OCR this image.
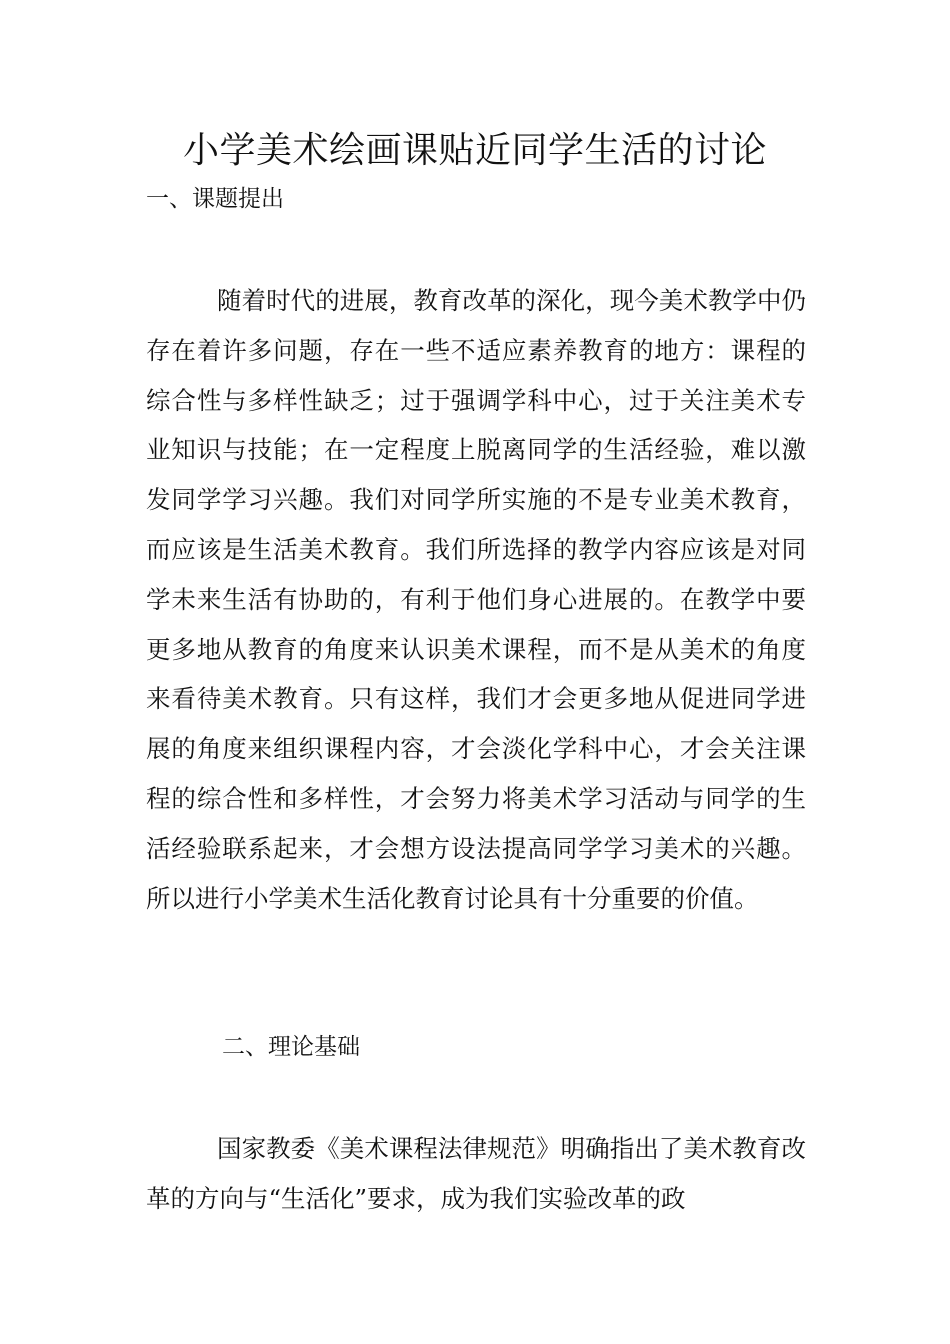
小学美术绘画课贴近同学生活的讨论
一、课题提出

随着时代的进展，教育改革的深化，现今美术教学中仍存在着许多问题，存在一些不适应素养教育的地方：课程的综合性与多样性缺乏；过于强调学科中心，过于关注美术专业知识与技能；在一定程度上脱离同学的生活经验，难以激发同学学习兴趣。我们对同学所实施的不是专业美术教育，而应该是生活美术教育。我们所选择的教学内容应该是对同学未来生活有协助的，有利于他们身心进展的。在教学中要更多地从教育的角度来认识美术课程，而不是从美术的角度来看待美术教育。只有这样，我们才会更多地从促进同学进展的角度来组织课程内容，才会淡化学科中心，才会关注课程的综合性和多样性，才会努力将美术学习活动与同学的生活经验联系起来，才会想方设法提高同学学习美术的兴趣。所以进行小学美术生活化教育讨论具有十分重要的价值。

二、理论基础

国家教委《美术课程法律规范》明确指出了美术教育改革的方向与“生活化”要求，成为我们实验改革的政
